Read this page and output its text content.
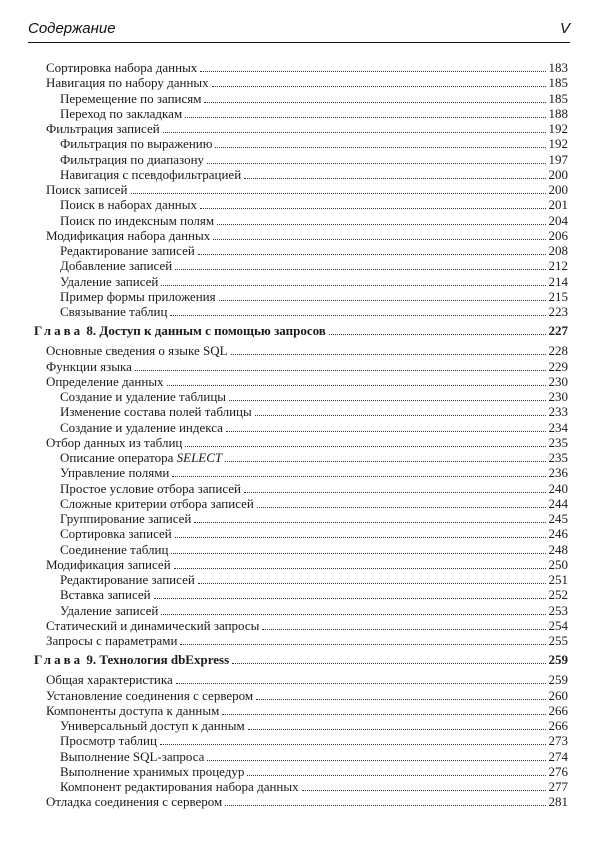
Содержание	V
Сортировка набора данных	183
Навигация по набору данных	185
Перемещение по записям	185
Переход по закладкам	188
Фильтрация записей	192
Фильтрация по выражению	192
Фильтрация по диапазону	197
Навигация с псевдофильтрацией	200
Поиск записей	200
Поиск в наборах данных	201
Поиск по индексным полям	204
Модификация набора данных	206
Редактирование записей	208
Добавление записей	212
Удаление записей	214
Пример формы приложения	215
Связывание таблиц	223
Глава 8. Доступ к данным с помощью запросов	227
Основные сведения о языке SQL	228
Функции языка	229
Определение данных	230
Создание и удаление таблицы	230
Изменение состава полей таблицы	233
Создание и удаление индекса	234
Отбор данных из таблиц	235
Описание оператора SELECT	235
Управление полями	236
Простое условие отбора записей	240
Сложные критерии отбора записей	244
Группирование записей	245
Сортировка записей	246
Соединение таблиц	248
Модификация записей	250
Редактирование записей	251
Вставка записей	252
Удаление записей	253
Статический и динамический запросы	254
Запросы с параметрами	255
Глава 9. Технология dbExpress	259
Общая характеристика	259
Установление соединения с сервером	260
Компоненты доступа к данным	266
Универсальный доступ к данным	266
Просмотр таблиц	273
Выполнение SQL-запроса	274
Выполнение хранимых процедур	276
Компонент редактирования набора данных	277
Отладка соединения с сервером	281
